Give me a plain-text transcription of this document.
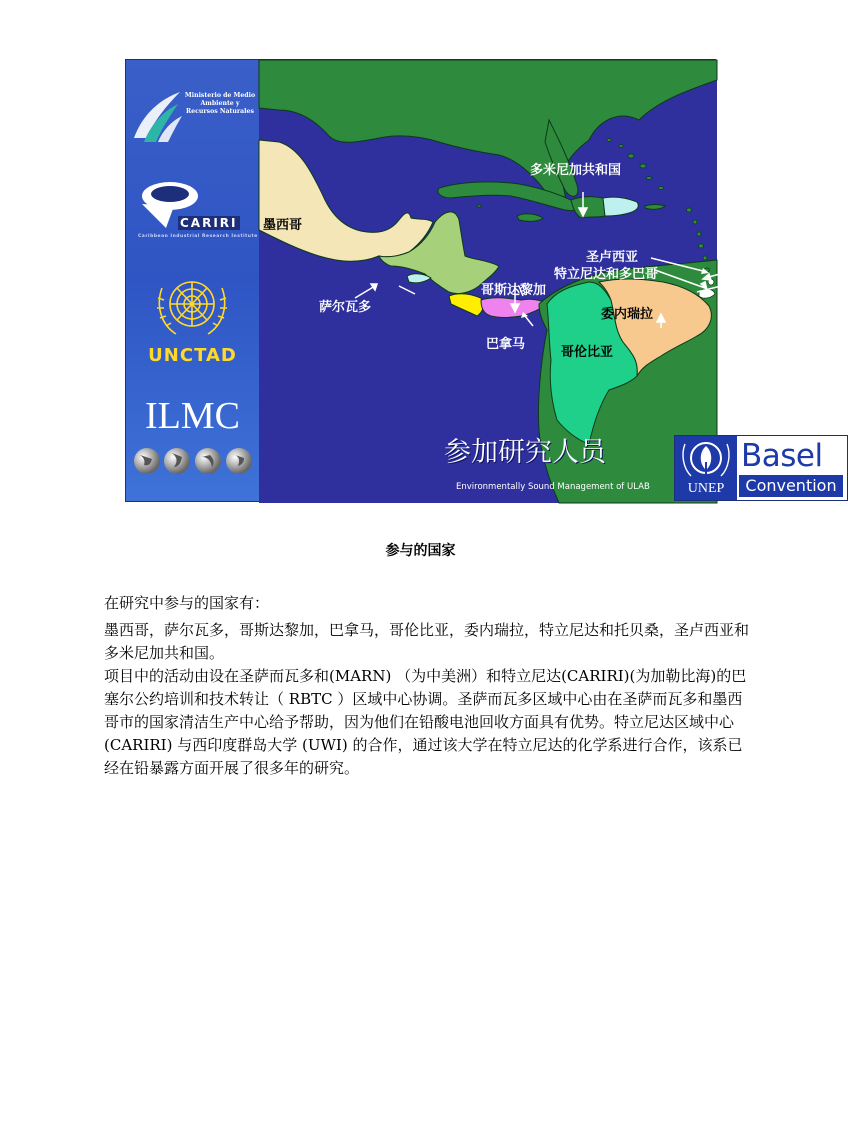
Ministerio de Medio Ambiente y Recursos Naturales
CARIRI
Caribbean Industrial Research Institute
UNCTAD
ILMC
多米尼加共和国
墨西哥
圣卢西亚
特立尼达和多巴哥
萨尔瓦多
哥斯达黎加
委内瑞拉
巴拿马
哥伦比亚
参加研究人员
Environmentally Sound Management of ULAB	UNEP
Basel
Convention
参与的国家

在研究中参与的国家有：

墨西哥，萨尔瓦多，哥斯达黎加，巴拿马，哥伦比亚，委内瑞拉，特立尼达和托贝桑，圣卢西亚和多米尼加共和国。

项目中的活动由设在圣萨而瓦多和(MARN) （为中美洲）和特立尼达(CARIRI)(为加勒比海)的巴塞尔公约培训和技术转让（ RBTC ）区域中心协调。圣萨而瓦多区域中心由在圣萨而瓦多和墨西哥市的国家清洁生产中心给予帮助，因为他们在铅酸电池回收方面具有优势。特立尼达区域中心 (CARIRI) 与西印度群岛大学 (UWI) 的合作，通过该大学在特立尼达的化学系进行合作，该系已经在铅暴露方面开展了很多年的研究。
